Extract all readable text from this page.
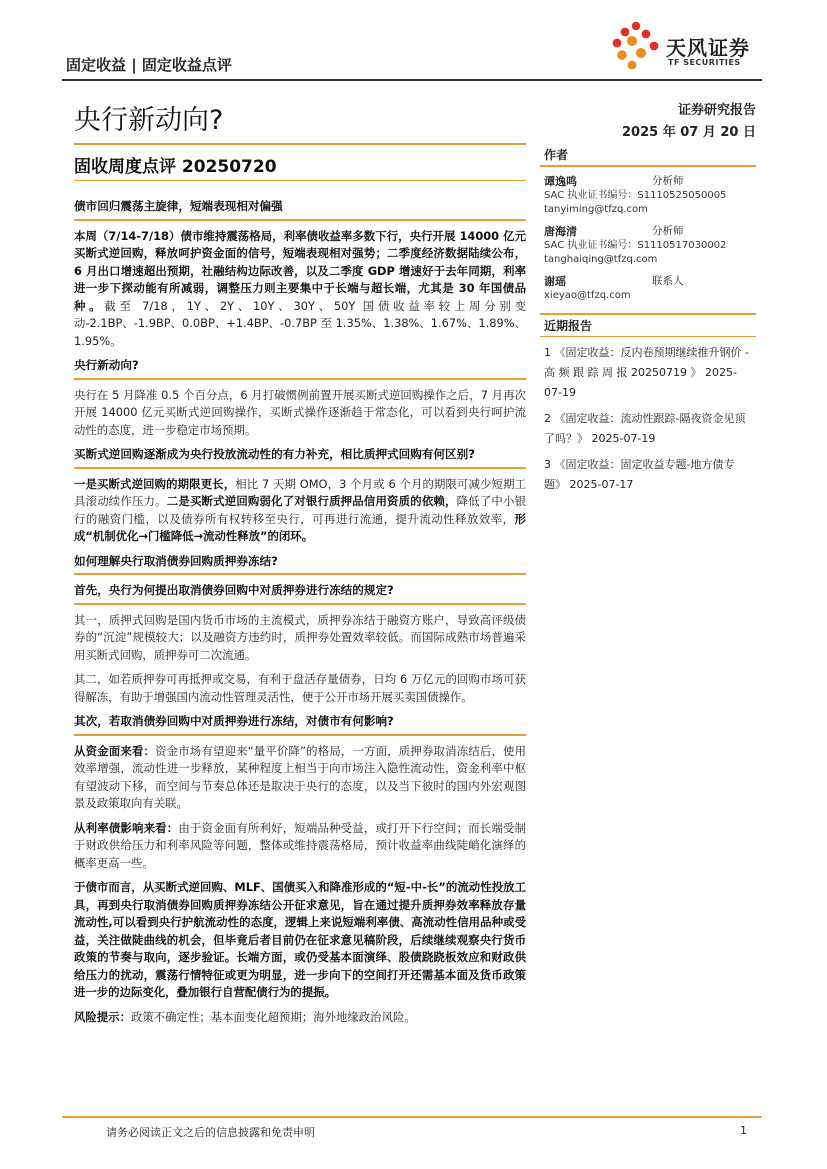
固定收益 | 固定收益点评
天风证券
TF SECURITIES
央行新动向?	证券研究报告
2025 年 07 月 20 日
固收周度点评 20250720
债市回归震荡主旋律，短端表现相对偏强

本周（7/14-7/18）债市维持震荡格局，利率债收益率多数下行，央行开展 14000 亿元买断式逆回购，释放呵护资金面的信号，短端表现相对强势；二季度经济数据陆续公布，6 月出口增速超出预期，社融结构边际改善，以及二季度 GDP 增速好于去年同期，利率进一步下探动能有所减弱，调整压力则主要集中于长端与超长端，尤其是 30 年国债品种。截至 7/18，1Y、2Y、10Y、30Y、50Y 国债收益率较上周分别变动-2.1BP、-1.9BP、0.0BP、+1.4BP、-0.7BP 至 1.35%、1.38%、1.67%、1.89%、1.95%。

央行新动向?

央行在 5 月降准 0.5 个百分点，6 月打破惯例前置开展买断式逆回购操作之后，7 月再次开展 14000 亿元买断式逆回购操作，买断式操作逐渐趋于常态化，可以看到央行呵护流动性的态度，进一步稳定市场预期。

买断式逆回购逐渐成为央行投放流动性的有力补充，相比质押式回购有何区别?

一是买断式逆回购的期限更长，相比 7 天期 OMO，3 个月或 6 个月的期限可减少短期工具滚动续作压力。二是买断式逆回购弱化了对银行质押品信用资质的依赖，降低了中小银行的融资门槛，以及债券所有权转移至央行，可再进行流通，提升流动性释放效率，形成“机制优化→门槛降低→流动性释放”的闭环。

如何理解央行取消债券回购质押券冻结?
首先，央行为何提出取消债券回购中对质押券进行冻结的规定?

其一，质押式回购是国内货币市场的主流模式，质押券冻结于融资方账户，导致高评级债券的“沉淀”规模较大；以及融资方违约时，质押券处置效率较低。而国际成熟市场普遍采用买断式回购，质押券可二次流通。

其二，如若质押券可再抵押或交易，有利于盘活存量债券，日均 6 万亿元的回购市场可获得解冻，有助于增强国内流动性管理灵活性，便于公开市场开展买卖国债操作。

其次，若取消债券回购中对质押券进行冻结，对债市有何影响?

从资金面来看：资金市场有望迎来“量平价降”的格局，一方面，质押券取消冻结后，使用效率增强，流动性进一步释放，某种程度上相当于向市场注入隐性流动性，资金利率中枢有望波动下移，而空间与节奏总体还是取决于央行的态度，以及当下彼时的国内外宏观图景及政策取向有关联。

从利率债影响来看：由于资金面有所利好，短端品种受益，或打开下行空间；而长端受制于财政供给压力和利率风险等问题，整体或维持震荡格局，预计收益率曲线陡峭化演绎的概率更高一些。

于债市而言，从买断式逆回购、MLF、国债买入和降准形成的“短-中-长”的流动性投放工具，再到央行取消债券回购质押券冻结公开征求意见，旨在通过提升质押券效率释放存量流动性,可以看到央行护航流动性的态度，逻辑上来说短端利率债、高流动性信用品种或受益，关注做陡曲线的机会，但毕竟后者目前仍在征求意见稿阶段，后续继续观察央行货币政策的节奏与取向，逐步验证。长端方面，或仍受基本面演绎、股债跷跷板效应和财政供给压力的扰动，震荡行情特征或更为明显，进一步向下的空间打开还需基本面及货币政策进一步的边际变化，叠加银行自营配债行为的提振。

风险提示：政策不确定性；基本面变化超预期；海外地缘政治风险。

作者
谭逸鸣	分析师
SAC 执业证书编号：S1110525050005
tanyiming@tfzq.com
唐海清	分析师
SAC 执业证书编号：S1110517030002
tanghaiqing@tfzq.com
谢瑶	联系人
xieyao@tfzq.com
近期报告
1 《固定收益：反内卷预期继续推升钢价 - 高 频 跟 踪 周 报 20250719 》 2025-07-19
2 《固定收益：流动性跟踪-隔夜资金见顶了吗？》 2025-07-19
3 《固定收益：固定收益专题-地方债专题》 2025-07-17
请务必阅读正文之后的信息披露和免责申明	1
